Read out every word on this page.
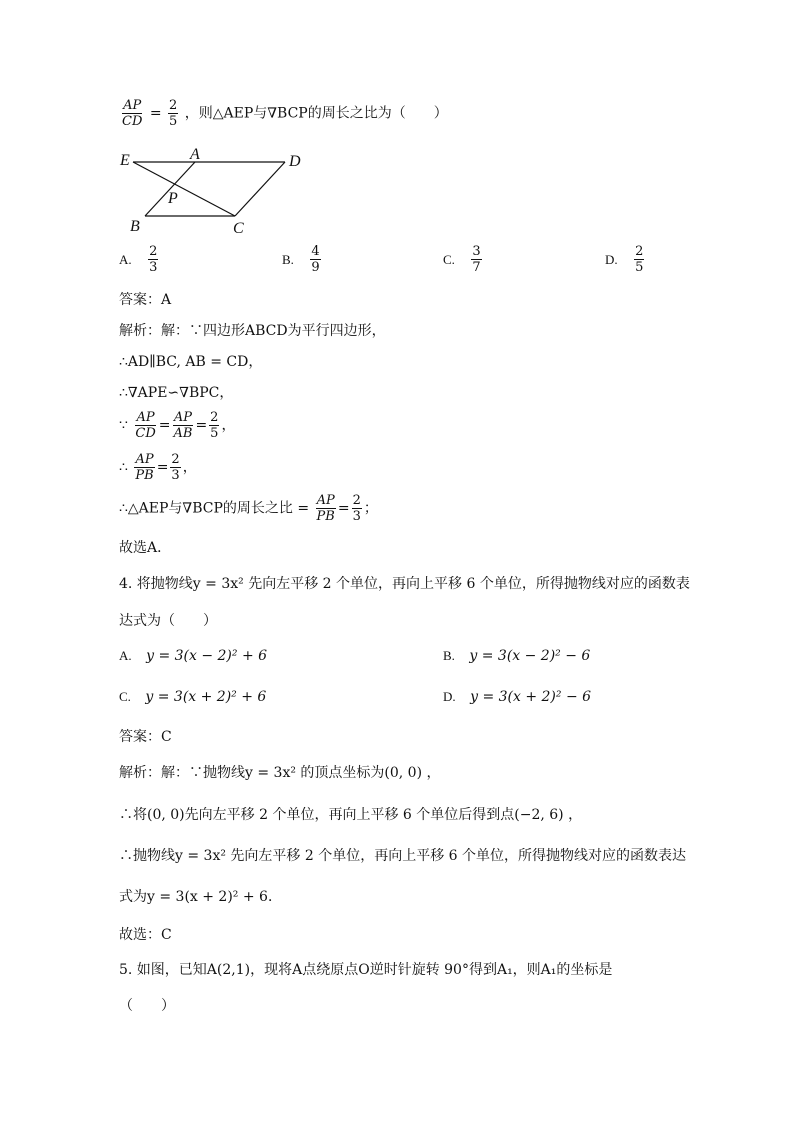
$\frac{AP}{CD} = \frac{2}{5}$ ，则△AEP与∇BCP的周长之比为（　　）
E	A	D
P
B	C
A. $\frac{2}{3}$	B. $\frac{4}{9}$	C. $\frac{3}{7}$	D. $\frac{2}{5}$
答案：A
解析：解：∵四边形ABCD为平行四边形，
∴AD∥BC, AB = CD，
∴∇APE∽∇BPC，
∵ $\frac{AP}{CD} = \frac{AP}{AB} = \frac{2}{5}$ ，
∴ $\frac{AP}{PB} = \frac{2}{3}$ ，
∴△AEP与∇BCP的周长之比 = $\frac{AP}{PB} = \frac{2}{3}$ ；
故选A．
4. 将抛物线y = 3x² 先向左平移 2 个单位，再向上平移 6 个单位，所得抛物线对应的函数表
达式为（　　）
A. y = 3(x − 2)² + 6	B. y = 3(x − 2)² − 6
C. y = 3(x + 2)² + 6	D. y = 3(x + 2)² − 6
答案：C
解析：解：∵抛物线y = 3x² 的顶点坐标为(0, 0) ，
∴将(0, 0)先向左平移 2 个单位，再向上平移 6 个单位后得到点(−2, 6) ，
∴抛物线y = 3x² 先向左平移 2 个单位，再向上平移 6 个单位，所得抛物线对应的函数表达
式为y = 3(x + 2)² + 6．
故选：C
5. 如图，已知A(2,1)，现将A点绕原点O逆时针旋转 90°得到A₁，则A₁的坐标是
（　　）
